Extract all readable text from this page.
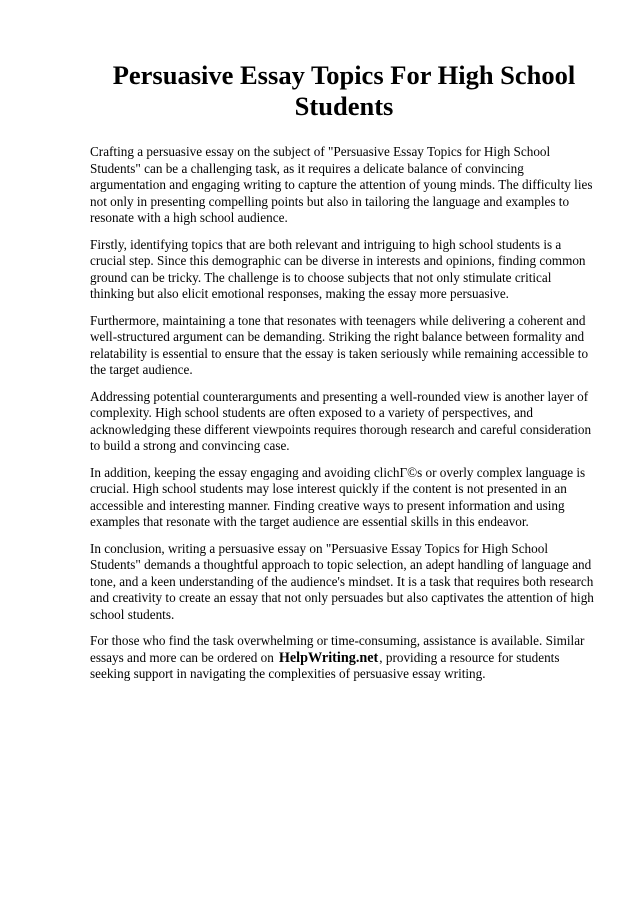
Persuasive Essay Topics For High School Students

Crafting a persuasive essay on the subject of "Persuasive Essay Topics for High School Students" can be a challenging task, as it requires a delicate balance of convincing argumentation and engaging writing to capture the attention of young minds. The difficulty lies not only in presenting compelling points but also in tailoring the language and examples to resonate with a high school audience.

Firstly, identifying topics that are both relevant and intriguing to high school students is a crucial step. Since this demographic can be diverse in interests and opinions, finding common ground can be tricky. The challenge is to choose subjects that not only stimulate critical thinking but also elicit emotional responses, making the essay more persuasive.

Furthermore, maintaining a tone that resonates with teenagers while delivering a coherent and well-structured argument can be demanding. Striking the right balance between formality and relatability is essential to ensure that the essay is taken seriously while remaining accessible to the target audience.

Addressing potential counterarguments and presenting a well-rounded view is another layer of complexity. High school students are often exposed to a variety of perspectives, and acknowledging these different viewpoints requires thorough research and careful consideration to build a strong and convincing case.

In addition, keeping the essay engaging and avoiding clichΓ©s or overly complex language is crucial. High school students may lose interest quickly if the content is not presented in an accessible and interesting manner. Finding creative ways to present information and using examples that resonate with the target audience are essential skills in this endeavor.

In conclusion, writing a persuasive essay on "Persuasive Essay Topics for High School Students" demands a thoughtful approach to topic selection, an adept handling of language and tone, and a keen understanding of the audience's mindset. It is a task that requires both research and creativity to create an essay that not only persuades but also captivates the attention of high school students.

For those who find the task overwhelming or time-consuming, assistance is available. Similar essays and more can be ordered on HelpWriting.net, providing a resource for students seeking support in navigating the complexities of persuasive essay writing.
